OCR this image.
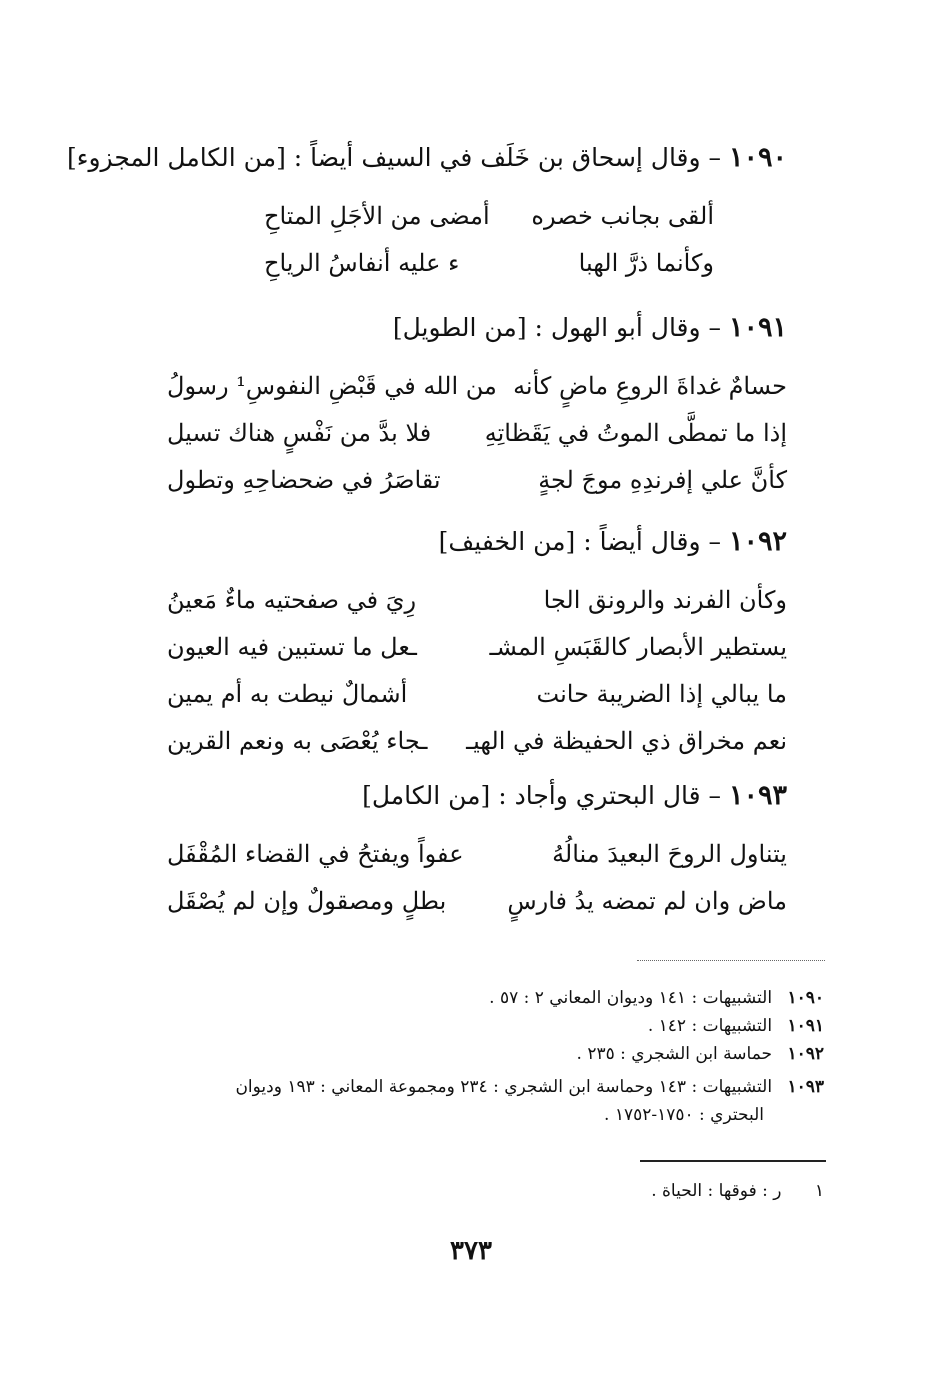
١٠٩٠ – وقال إسحاق بن خَلَف في السيف أيضاً : [من الكامل المجزوء]
ألقى بجانب خصره
أمضى من الأجَلِ المتاحِ
وكأنما ذرَّ الهبا
ء عليه أنفاسُ الرياحِ
١٠٩١ – وقال أبو الهول : [من الطويل]
حسامٌ غداةَ الروعِ ماضٍ كأنه
من الله في قَبْضِ النفوسِ¹ رسولُ
إذا ما تمطَّى الموتُ في يَقَظاتِهِ
فلا بدَّ من نَفْسٍ هناك تسيل
كأنَّ علي إفرندِهِ موجَ لجةٍ
تقاصَرُ في ضحضاحِهِ وتطول
١٠٩٢ – وقال أيضاً : [من الخفيف]
وكأن الفرند والرونق الجا
رِيَ في صفحتيه ماءٌ مَعينُ
يستطير الأبصار كالقَبَسِ المشـ
ـعل ما تستبين فيه العيون
ما يبالي إذا الضريبة حانت
أشمالٌ نيطت به أم يمين
نعم مخراق ذي الحفيظة في الهيـ
ـجاء يُعْصَى به ونعم القرين
١٠٩٣ – قال البحتري وأجاد : [من الكامل]
يتناول الروحَ البعيدَ منالُهُ
عفواً ويفتحُ في القضاء المُقْفَل
ماض وان لم تمضه يدُ فارسٍ
بطلٍ ومصقولٌ وإن لم يُصْقَل
١٠٩٠ التشبيهات : ١٤١ وديوان المعاني ٢ : ٥٧ .
١٠٩١ التشبيهات : ١٤٢ .
١٠٩٢ حماسة ابن الشجري : ٢٣٥ .
١٠٩٣ التشبيهات : ١٤٣ وحماسة ابن الشجري : ٢٣٤ ومجموعة المعاني : ١٩٣ وديوان
البحتري : ١٧٥٠-١٧٥٢ .
١ ر : فوقها : الحياة .
٣٧٣
